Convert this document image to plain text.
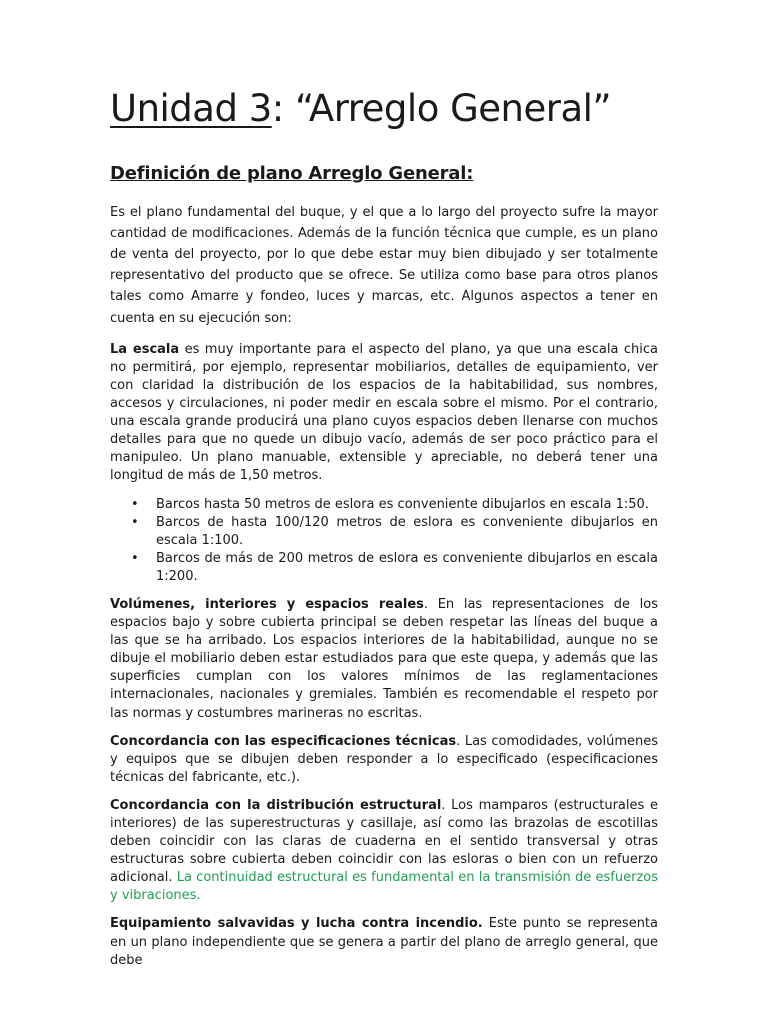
Unidad 3: “Arreglo General”
Definición de plano Arreglo General:

Es el plano fundamental del buque, y el que a lo largo del proyecto sufre la mayor cantidad de modificaciones. Además de la función técnica que cumple, es un plano de venta del proyecto, por lo que debe estar muy bien dibujado y ser totalmente representativo del producto que se ofrece. Se utiliza como base para otros planos tales como Amarre y fondeo, luces y marcas, etc. Algunos aspectos a tener en cuenta en su ejecución son:

La escala es muy importante para el aspecto del plano, ya que una escala chica no permitirá, por ejemplo, representar mobiliarios, detalles de equipamiento, ver con claridad la distribución de los espacios de la habitabilidad, sus nombres, accesos y circulaciones, ni poder medir en escala sobre el mismo. Por el contrario, una escala grande producirá una plano cuyos espacios deben llenarse con muchos detalles para que no quede un dibujo vacío, además de ser poco práctico para el manipuleo. Un plano manuable, extensible y apreciable, no deberá tener una longitud de más de 1,50 metros.

• Barcos hasta 50 metros de eslora es conveniente dibujarlos en escala 1:50.
• Barcos de hasta 100/120 metros de eslora es conveniente dibujarlos en escala 1:100.
• Barcos de más de 200 metros de eslora es conveniente dibujarlos en escala 1:200.

Volúmenes, interiores y espacios reales. En las representaciones de los espacios bajo y sobre cubierta principal se deben respetar las líneas del buque a las que se ha arribado. Los espacios interiores de la habitabilidad, aunque no se dibuje el mobiliario deben estar estudiados para que este quepa, y además que las superficies cumplan con los valores mínimos de las reglamentaciones internacionales, nacionales y gremiales. También es recomendable el respeto por las normas y costumbres marineras no escritas.

Concordancia con las especificaciones técnicas. Las comodidades, volúmenes y equipos que se dibujen deben responder a lo especificado (especificaciones técnicas del fabricante, etc.).

Concordancia con la distribución estructural. Los mamparos (estructurales e interiores) de las superestructuras y casillaje, así como las brazolas de escotillas deben coincidir con las claras de cuaderna en el sentido transversal y otras estructuras sobre cubierta deben coincidir con las esloras o bien con un refuerzo adicional. La continuidad estructural es fundamental en la transmisión de esfuerzos y vibraciones.

Equipamiento salvavidas y lucha contra incendio. Este punto se representa en un plano independiente que se genera a partir del plano de arreglo general, que debe
